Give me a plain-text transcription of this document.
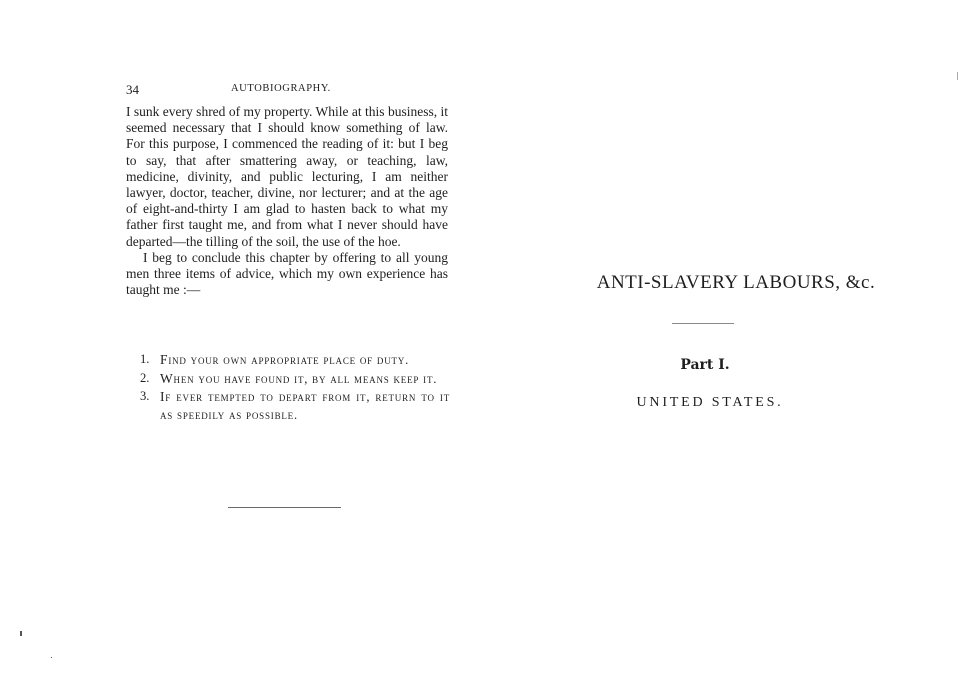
34	AUTOBIOGRAPHY.

I sunk every shred of my property. While at this business, it seemed necessary that I should know something of law. For this purpose, I commenced the reading of it: but I beg to say, that after smattering away, or teaching, law, medicine, divinity, and public lecturing, I am neither lawyer, doctor, teacher, divine, nor lecturer; and at the age of eight-and-thirty I am glad to hasten back to what my father first taught me, and from what I never should have departed—the tilling of the soil, the use of the hoe.

I beg to conclude this chapter by offering to all young men three items of advice, which my own experience has taught me :—

1. Find your own appropriate place of duty.
2. When you have found it, by all means keep it.
3. If ever tempted to depart from it, return to it as speedily as possible.
ANTI-SLAVERY LABOURS, &c.
Part I.
UNITED STATES.
